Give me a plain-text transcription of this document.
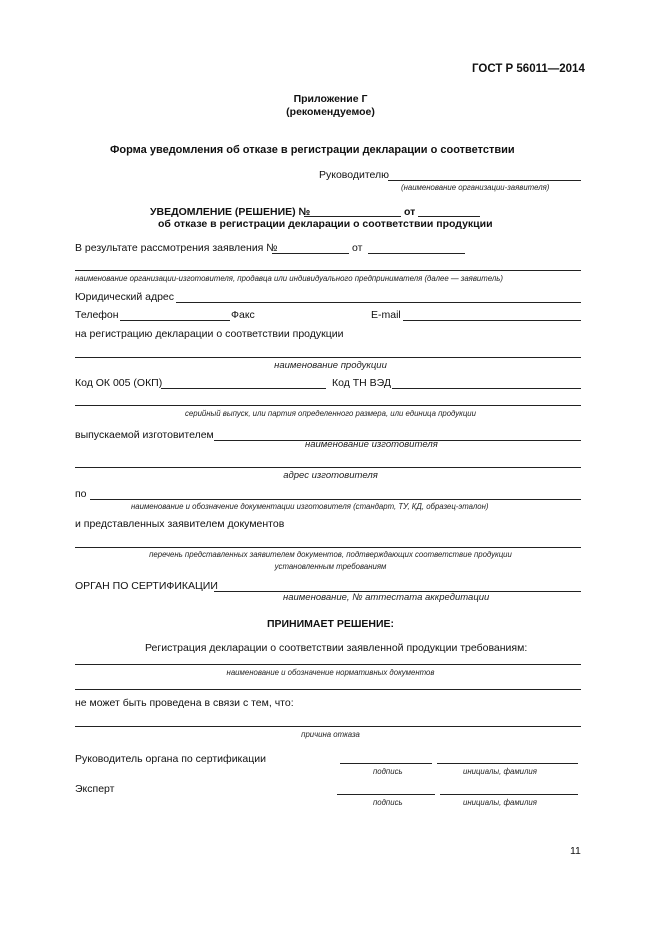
ГОСТ Р 56011—2014
Приложение Г
(рекомендуемое)
Форма уведомления об отказе в регистрации декларации о соответствии
Руководителю
(наименование организации-заявителя)
УВЕДОМЛЕНИЕ (РЕШЕНИЕ) №	от
об отказе в регистрации декларации о соответствии продукции
В результате рассмотрения заявления №	от
наименование организации-изготовителя, продавца или индивидуального предпринимателя (далее — заявитель)
Юридический адрес
Телефон	Факс	E-mail
на регистрацию декларации о соответствии продукции
наименование продукции
Код ОК 005 (ОКП)	Код ТН ВЭД
серийный выпуск, или партия определенного размера, или единица продукции
выпускаемой изготовителем
наименование изготовителя
адрес изготовителя
по
наименование и обозначение документации изготовителя (стандарт, ТУ, КД, образец-эталон)
и представленных заявителем документов
перечень представленных заявителем документов, подтверждающих соответствие продукции
установленным требованиям
ОРГАН ПО СЕРТИФИКАЦИИ
наименование, № аттестата аккредитации
ПРИНИМАЕТ РЕШЕНИЕ:
Регистрация декларации о соответствии заявленной продукции требованиям:
наименование и обозначение нормативных документов
не может быть проведена в связи с тем, что:
причина отказа
Руководитель органа по сертификации
подпись	инициалы, фамилия
Эксперт
подпись	инициалы, фамилия
11
